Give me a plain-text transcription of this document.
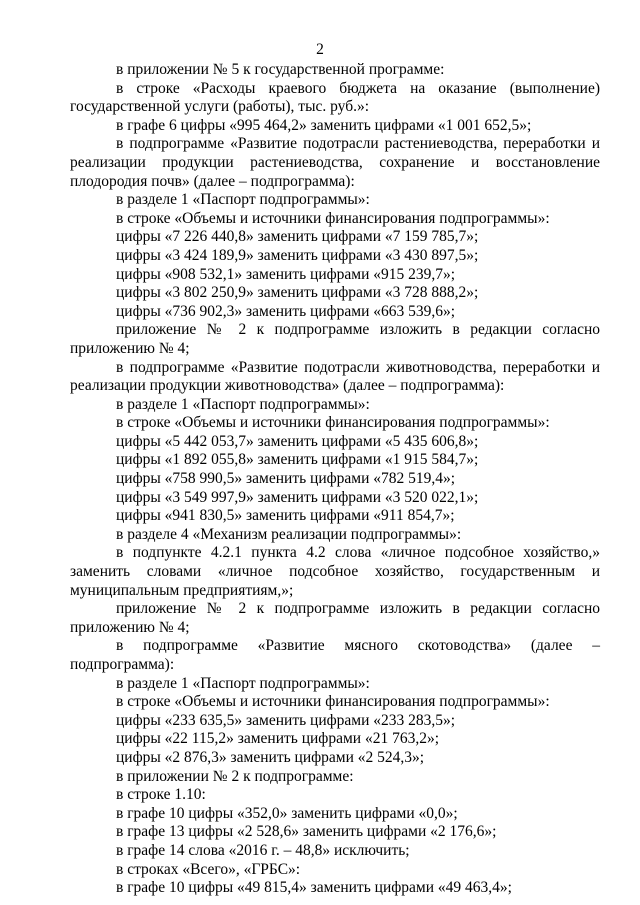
2

в приложении № 5 к государственной программе:

в строке «Расходы краевого бюджета на оказание (выполнение) государственной услуги (работы), тыс. руб.»:

в графе 6 цифры «995 464,2» заменить цифрами «1 001 652,5»;

в подпрограмме «Развитие подотрасли растениеводства, переработки и реализации продукции растениеводства, сохранение и восстановление плодородия почв» (далее – подпрограмма):

в разделе 1 «Паспорт подпрограммы»:

в строке «Объемы и источники финансирования подпрограммы»:

цифры «7 226 440,8» заменить цифрами «7 159 785,7»;

цифры «3 424 189,9» заменить цифрами «3 430 897,5»;

цифры «908 532,1» заменить цифрами «915 239,7»;

цифры «3 802 250,9» заменить цифрами «3 728 888,2»;

цифры «736 902,3» заменить цифрами «663 539,6»;

приложение № 2 к подпрограмме изложить в редакции согласно приложению № 4;

в подпрограмме «Развитие подотрасли животноводства, переработки и реализации продукции животноводства» (далее – подпрограмма):

в разделе 1 «Паспорт подпрограммы»:

в строке «Объемы и источники финансирования подпрограммы»:

цифры «5 442 053,7» заменить цифрами «5 435 606,8»;

цифры «1 892 055,8» заменить цифрами «1 915 584,7»;

цифры «758 990,5» заменить цифрами «782 519,4»;

цифры «3 549 997,9» заменить цифрами «3 520 022,1»;

цифры «941 830,5» заменить цифрами «911 854,7»;

в разделе 4 «Механизм реализации подпрограммы»:

в подпункте 4.2.1 пункта 4.2 слова «личное подсобное хозяйство,» заменить словами «личное подсобное хозяйство, государственным и муниципальным предприятиям,»;

приложение № 2 к подпрограмме изложить в редакции согласно приложению № 4;

в подпрограмме «Развитие мясного скотоводства» (далее – подпрограмма):

в разделе 1 «Паспорт подпрограммы»:

в строке «Объемы и источники финансирования подпрограммы»:

цифры «233 635,5» заменить цифрами «233 283,5»;

цифры «22 115,2» заменить цифрами «21 763,2»;

цифры «2 876,3» заменить цифрами «2 524,3»;

в приложении № 2 к подпрограмме:

в строке 1.10:

в графе 10 цифры «352,0» заменить цифрами «0,0»;

в графе 13 цифры «2 528,6» заменить цифрами «2 176,6»;

в графе 14 слова «2016 г. – 48,8» исключить;

в строках «Всего», «ГРБС»:

в графе 10 цифры «49 815,4» заменить цифрами «49 463,4»;
